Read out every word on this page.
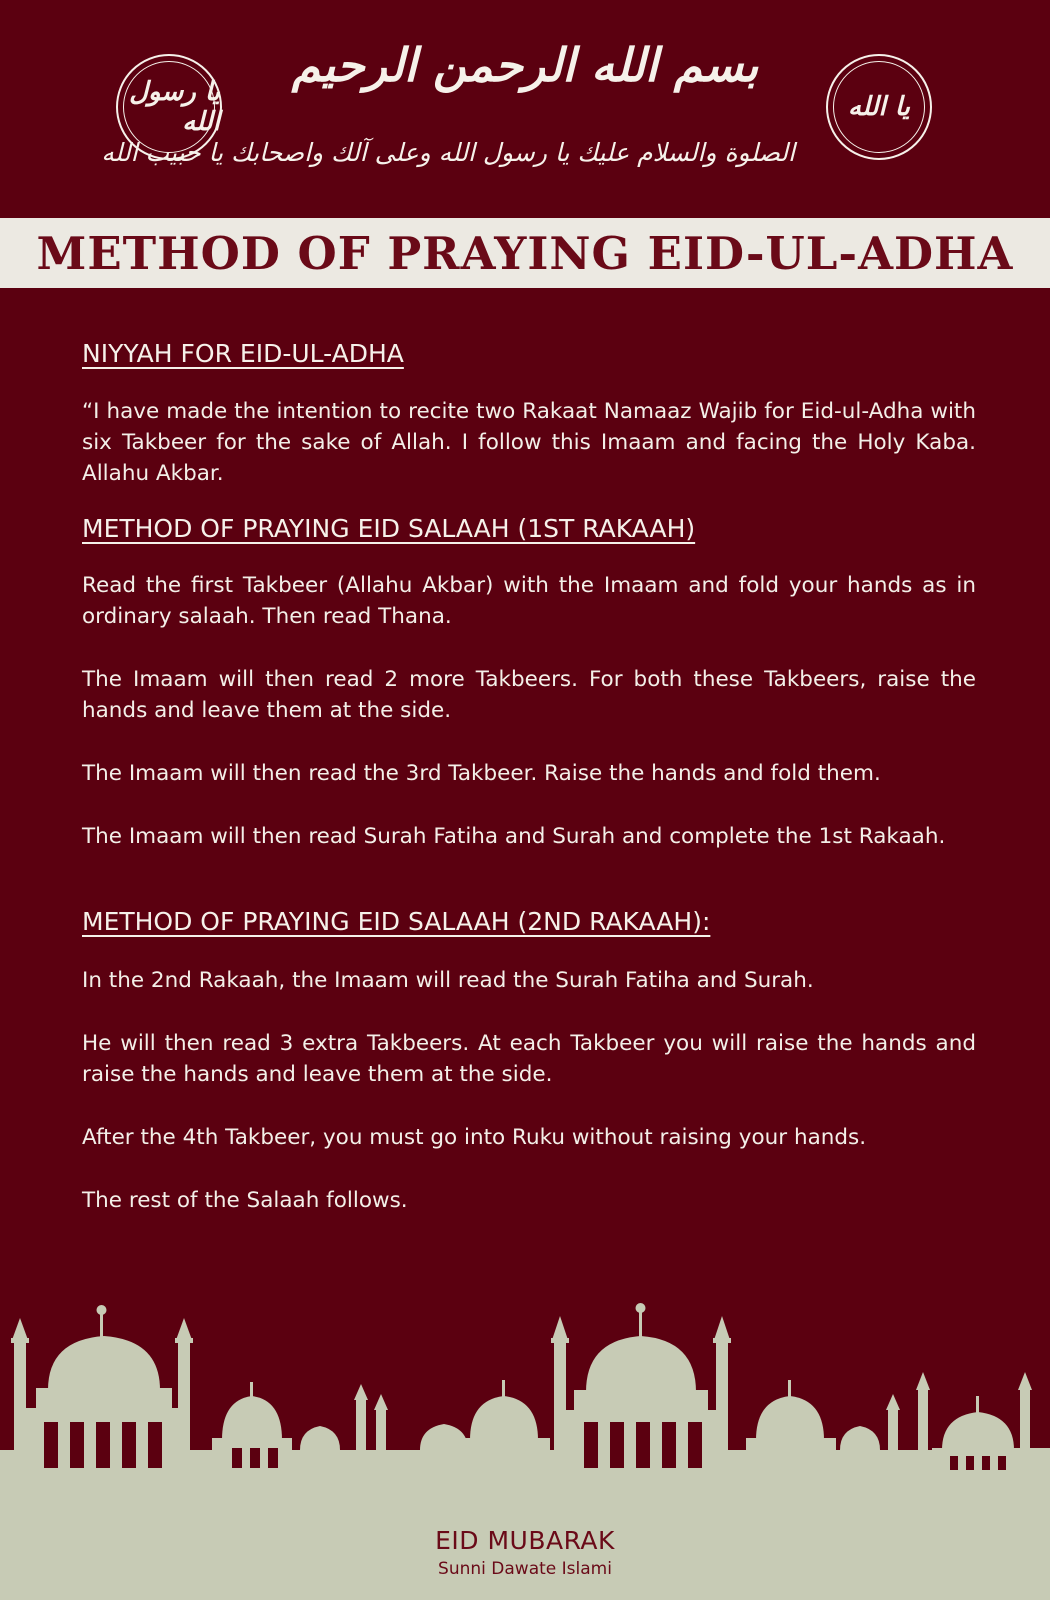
يا رسول الله
بسم الله الرحمن الرحيم
الصلوة والسلام عليك يا رسول الله وعلى آلك واصحابك يا حبيب الله
يا الله
METHOD OF PRAYING EID-UL-ADHA
NIYYAH FOR EID-UL-ADHA

“I have made the intention to recite two Rakaat Namaaz Wajib for Eid-ul-Adha with six Takbeer for the sake of Allah. I follow this Imaam and facing the Holy Kaba. Allahu Akbar.

METHOD OF PRAYING EID SALAAH (1ST RAKAAH)

Read the first Takbeer (Allahu Akbar) with the Imaam and fold your hands as in ordinary salaah. Then read Thana.

The Imaam will then read 2 more Takbeers. For both these Takbeers, raise the hands and leave them at the side.

The Imaam will then read the 3rd Takbeer. Raise the hands and fold them.

The Imaam will then read Surah Fatiha and Surah and complete the 1st Rakaah.

METHOD OF PRAYING EID SALAAH (2ND RAKAAH):

In the 2nd Rakaah, the Imaam will read the Surah Fatiha and Surah.

He will then read 3 extra Takbeers. At each Takbeer you will raise the hands and raise the hands and leave them at the side.

After the 4th Takbeer, you must go into Ruku without raising your hands.

The rest of the Salaah follows.

EID MUBARAK
Sunni Dawate Islami
